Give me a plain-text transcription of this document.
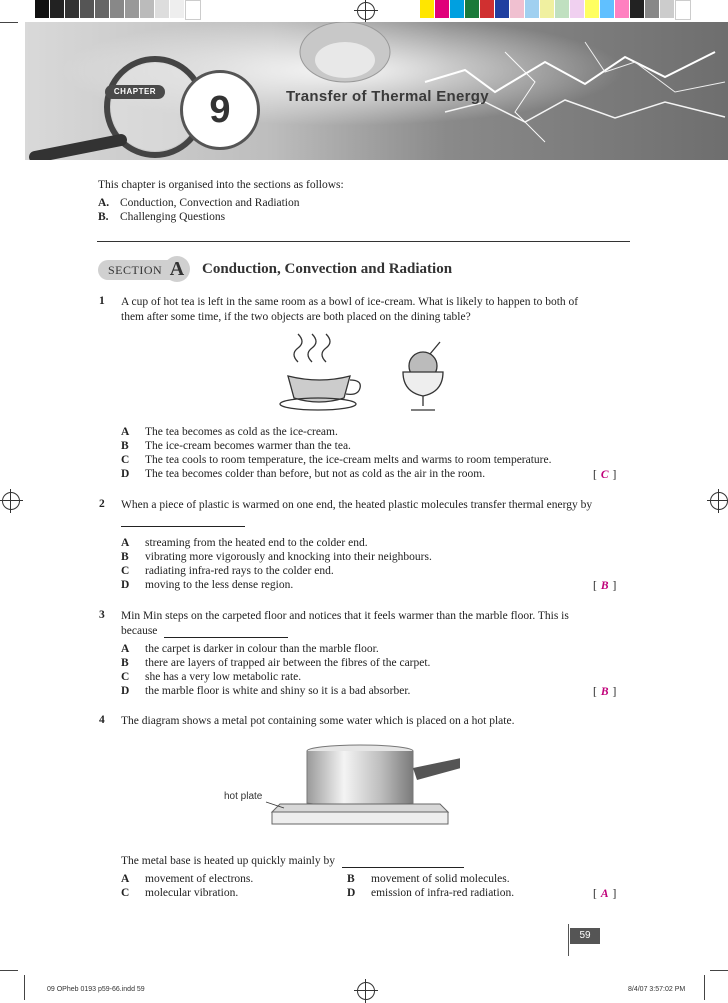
CHAPTER	9	Transfer of Thermal Energy
This chapter is organised into the sections as follows:
A. Conduction, Convection and Radiation
B. Challenging Questions
SECTION A	Conduction, Convection and Radiation
1 A cup of hot tea is left in the same room as a bowl of ice-cream. What is likely to happen to both of
them after some time, if the two objects are both placed on the dining table?
A The tea becomes as cold as the ice-cream.
B The ice-cream becomes warmer than the tea.
C The tea cools to room temperature, the ice-cream melts and warms to room temperature.
D The tea becomes colder than before, but not as cold as the air in the room.	[ C ]
2 When a piece of plastic is warmed on one end, the heated plastic molecules transfer thermal energy by
A streaming from the heated end to the colder end.
B vibrating more vigorously and knocking into their neighbours.
C radiating infra-red rays to the colder end.
D moving to the less dense region.	[ B ]
3 Min Min steps on the carpeted floor and notices that it feels warmer than the marble floor. This is
because
A the carpet is darker in colour than the marble floor.
B there are layers of trapped air between the fibres of the carpet.
C she has a very low metabolic rate.
D the marble floor is white and shiny so it is a bad absorber.	[ B ]
4 The diagram shows a metal pot containing some water which is placed on a hot plate.
hot plate
The metal base is heated up quickly mainly by
A movement of electrons.	B movement of solid molecules.
C molecular vibration.	D emission of infra-red radiation.	[ A ]
59
09 OPheb 0193 p59-66.indd 59	8/4/07 3:57:02 PM
